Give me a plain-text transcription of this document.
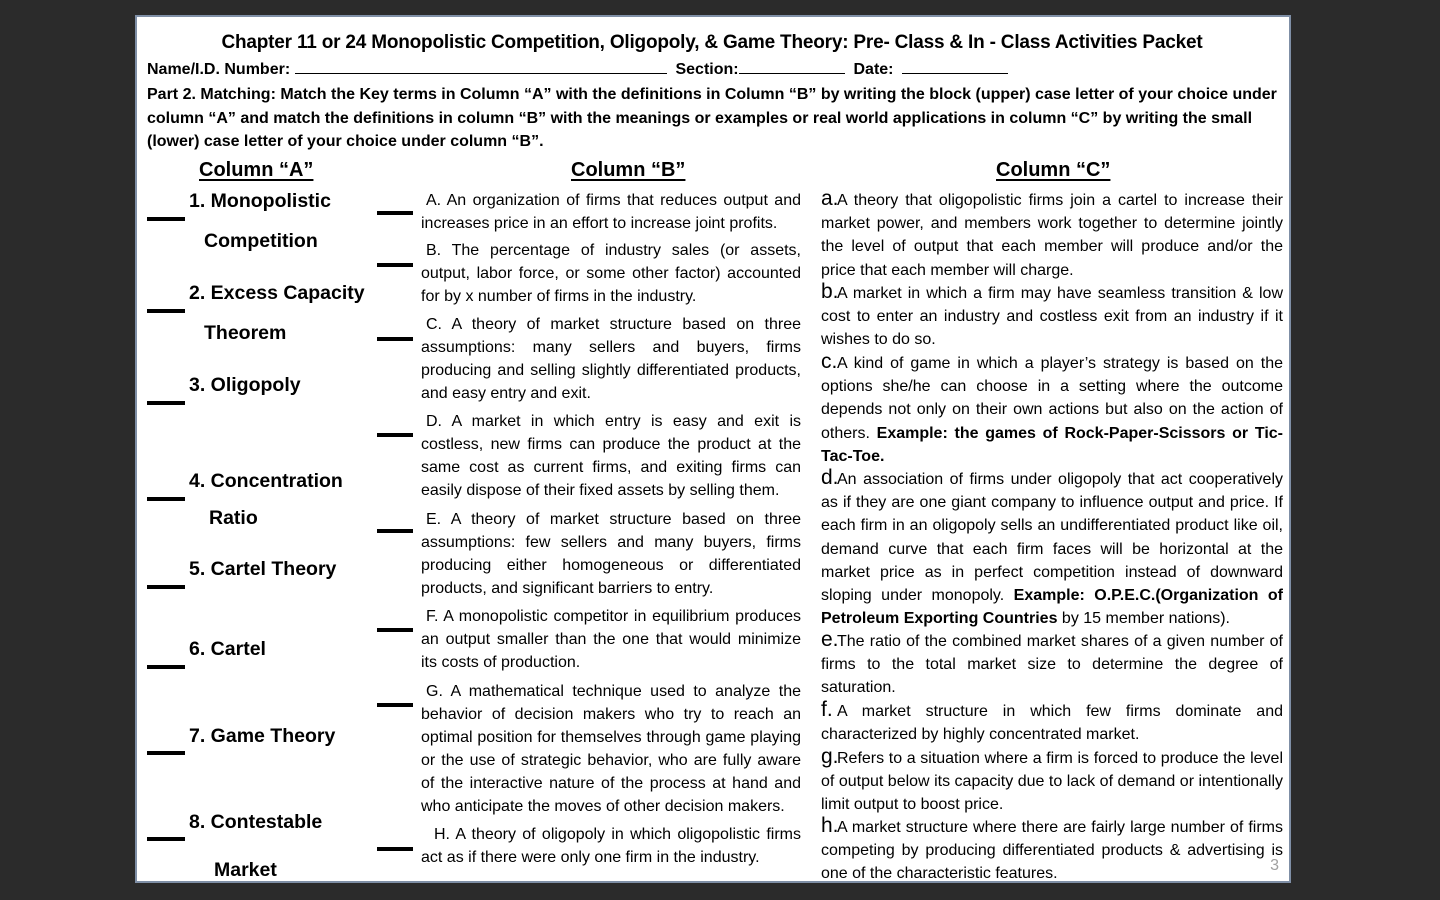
Chapter 11 or 24 Monopolistic Competition, Oligopoly, & Game Theory: Pre- Class & In - Class Activities Packet
Name/I.D. Number:	Section:	Date:
Part 2. Matching: Match the Key terms in Column “A” with the definitions in Column “B” by writing the block (upper) case letter of your choice under column “A” and match the definitions in column “B” with the meanings or examples or real world applications in column “C” by writing the small (lower) case letter of your choice under column “B”.
Column “A”	Column “B”	Column “C”
1. Monopolistic
Competition
2. Excess Capacity
Theorem
3. Oligopoly
4. Concentration
Ratio
5. Cartel Theory
6. Cartel
7. Game Theory
8. Contestable
Market
A. An organization of firms that reduces output and increases price in an effort to increase joint profits.
B. The percentage of industry sales (or assets, output, labor force, or some other factor) accounted for by x number of firms in the industry.
C. A theory of market structure based on three assumptions: many sellers and buyers, firms producing and selling slightly differentiated products, and easy entry and exit.
D. A market in which entry is easy and exit is costless, new firms can produce the product at the same cost as current firms, and exiting firms can easily dispose of their fixed assets by selling them.
E. A theory of market structure based on three assumptions: few sellers and many buyers, firms producing either homogeneous or differentiated products, and significant barriers to entry.
F. A monopolistic competitor in equilibrium produces an output smaller than the one that would minimize its costs of production.
G. A mathematical technique used to analyze the behavior of decision makers who try to reach an optimal position for themselves through game playing or the use of strategic behavior, who are fully aware of the interactive nature of the process at hand and who anticipate the moves of other decision makers.
H. A theory of oligopoly in which oligopolistic firms act as if there were only one firm in the industry.
a.A theory that oligopolistic firms join a cartel to increase their market power, and members work together to determine jointly the level of output that each member will produce and/or the price that each member will charge.
b.A market in which a firm may have seamless transition & low cost to enter an industry and costless exit from an industry if it wishes to do so.
c.A kind of game in which a player’s strategy is based on the options she/he can choose in a setting where the outcome depends not only on their own actions but also on the action of others. Example: the games of Rock-Paper-Scissors or Tic-Tac-Toe.
d.An association of firms under oligopoly that act cooperatively as if they are one giant company to influence output and price. If each firm in an oligopoly sells an undifferentiated product like oil, demand curve that each firm faces will be horizontal at the market price as in perfect competition instead of downward sloping under monopoly. Example: O.P.E.C.(Organization of Petroleum Exporting Countries by 15 member nations).
e.The ratio of the combined market shares of a given number of firms to the total market size to determine the degree of saturation.
f. A market structure in which few firms dominate and characterized by highly concentrated market.
g.Refers to a situation where a firm is forced to produce the level of output below its capacity due to lack of demand or intentionally limit output to boost price.
h.A market structure where there are fairly large number of firms competing by producing differentiated products & advertising is one of the characteristic features.	3
